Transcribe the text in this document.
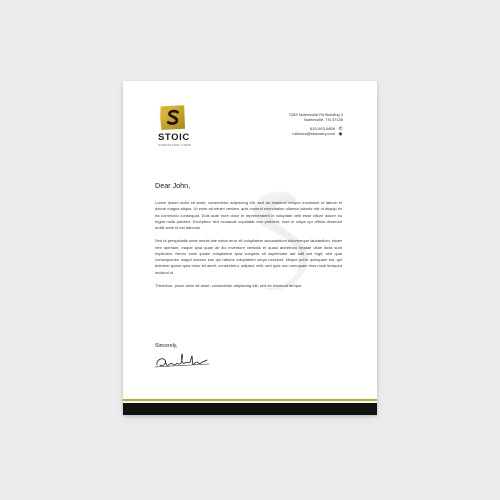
STOIC
CONSULTING CORP
7283 Nolensville Rd Building 3
Nolensville, TN 37135
615-903-6859 ✆
mktoura@stoicsery.com ◉
Dear John,

Lorem ipsum dolor sit amet, consectetur adipiscing elit, sed do eiusmod tempor incididunt ut labore et dolore magna aliqua. Ut enim ad minim veniam, quis nostrud exercitation ullamco laboris nisi ut aliquip ex ea commodo consequat. Duis aute irure dolor in reprehenderit in voluptate velit esse cillum dolore eu fugiat nulla pariatur. Excepteur sint occaecat cupidatat non proident, sunt in culpa qui officia deserunt mollit anim id est laborum

Sed ut perspiciatis unde omnis iste natus error sit voluptatem accusantium doloremque laudantium, totam rem aperiam, eaque ipsa quae ab illo inventore veritatis et quasi architecto beatae vitae dicta sunt explicabo. Nemo enim ipsam voluptatem quia voluptas sit aspernatur aut odit aut fugit, sed quia consequuntur magni dolores eos qui ratione voluptatem sequi nesciunt. Neque porro quisquam est, qui dolorem ipsum quia dolor sit amet, consectetur, adipisci velit, sed quia non numquam eius modi tempora incidunt ut

Therefore, psum dolor sit amet, consectetur adipiscing elit, sed do eiusmod tempor

Sincerely,
